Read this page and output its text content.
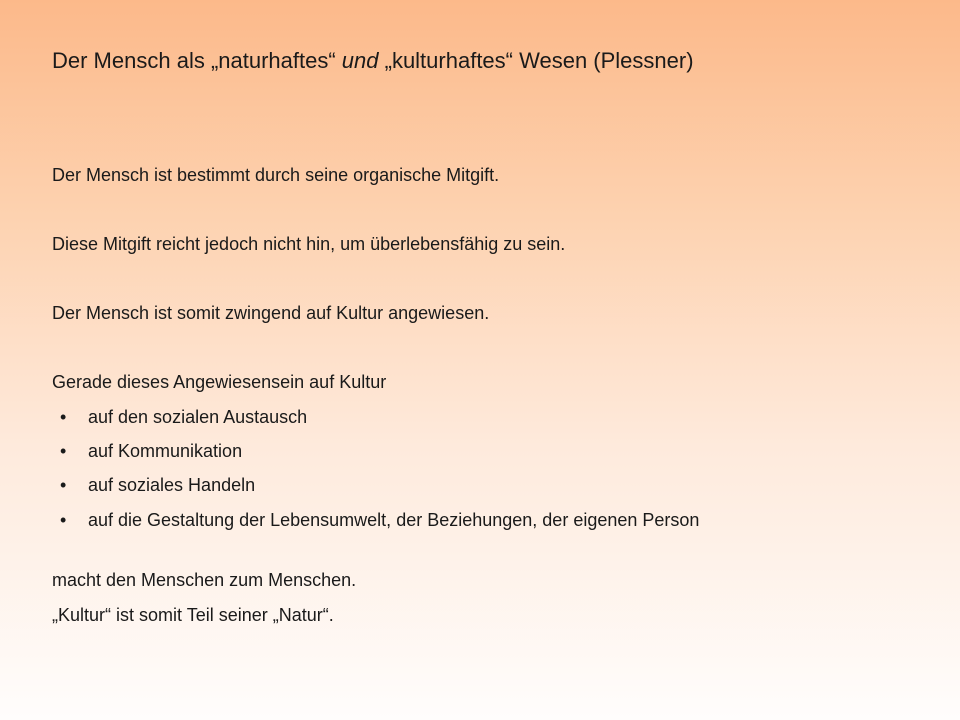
Der Mensch als „naturhaftes“ und „kulturhaftes“ Wesen (Plessner)

Der Mensch ist bestimmt durch seine organische Mitgift.

Diese Mitgift reicht jedoch nicht hin, um überlebensfähig zu sein.

Der Mensch ist somit zwingend auf Kultur angewiesen.

Gerade dieses Angewiesensein auf Kultur

• auf den sozialen Austausch
• auf Kommunikation
• auf soziales Handeln
• auf die Gestaltung der Lebensumwelt, der Beziehungen, der eigenen Person

macht den Menschen zum Menschen.

„Kultur“ ist somit Teil seiner „Natur“.
